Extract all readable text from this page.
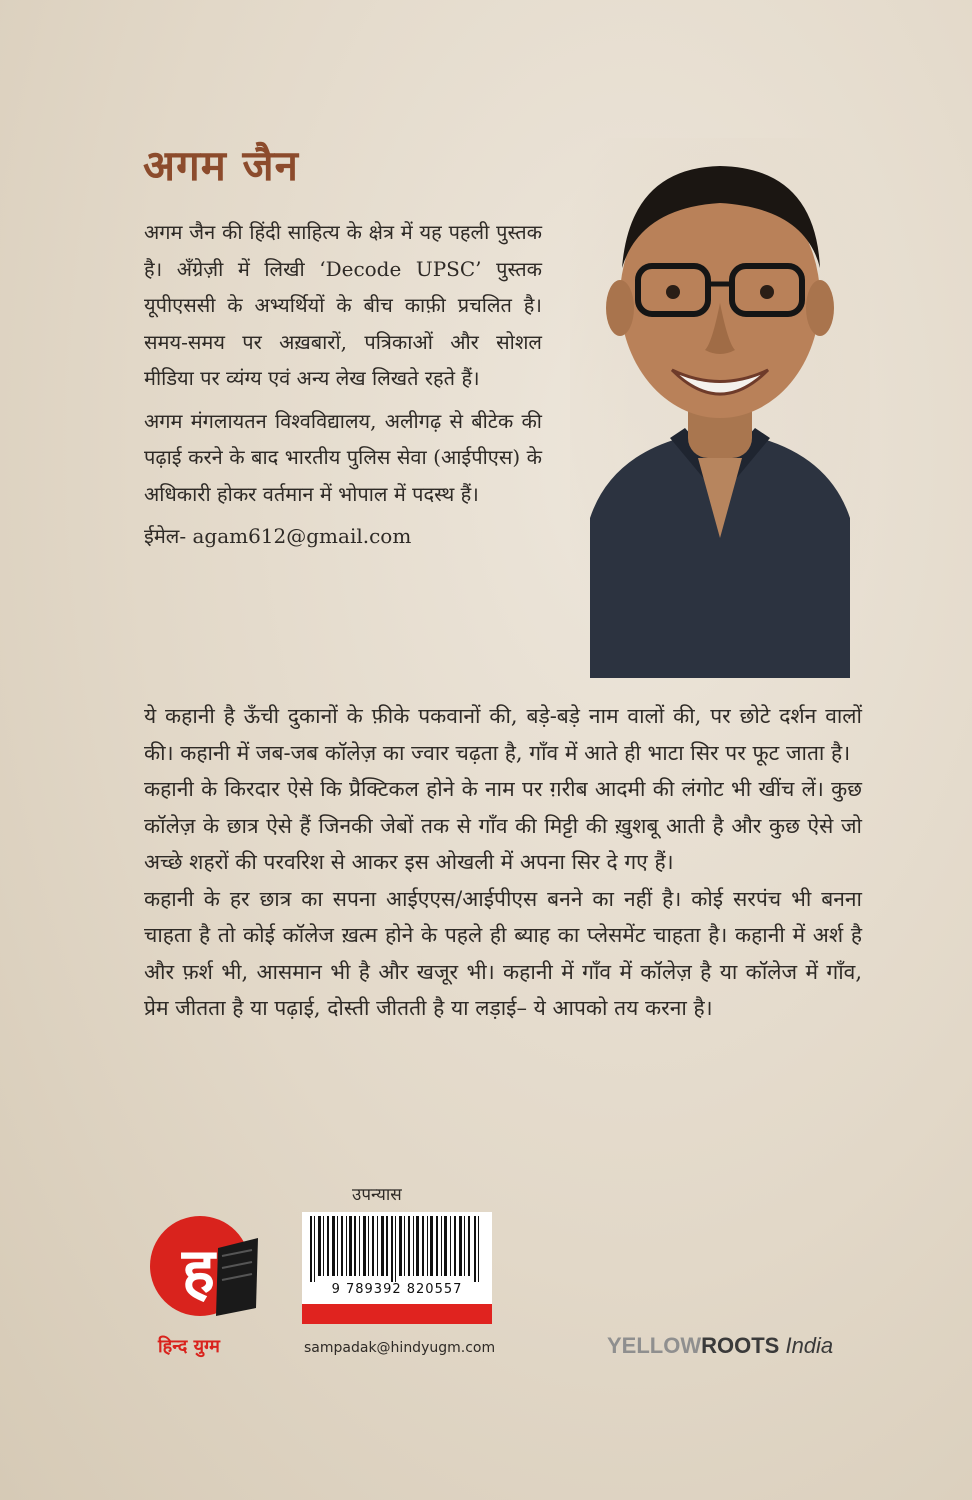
अगम जैन

अगम जैन की हिंदी साहित्य के क्षेत्र में यह पहली पुस्तक है। अँग्रेज़ी में लिखी ‘Decode UPSC’ पुस्तक यूपीएससी के अभ्यर्थियों के बीच काफ़ी प्रचलित है। समय-समय पर अख़बारों, पत्रिकाओं और सोशल मीडिया पर व्यंग्य एवं अन्य लेख लिखते रहते हैं।

अगम मंगलायतन विश्वविद्यालय, अलीगढ़ से बीटेक की पढ़ाई करने के बाद भारतीय पुलिस सेवा (आईपीएस) के अधिकारी होकर वर्तमान में भोपाल में पदस्थ हैं।

ईमेल- agam612@gmail.com

ये कहानी है ऊँची दुकानों के फ़ीके पकवानों की, बड़े-बड़े नाम वालों की, पर छोटे दर्शन वालों की। कहानी में जब-जब कॉलेज़ का ज्वार चढ़ता है, गाँव में आते ही भाटा सिर पर फूट जाता है।

कहानी के किरदार ऐसे कि प्रैक्टिकल होने के नाम पर ग़रीब आदमी की लंगोट भी खींच लें। कुछ कॉलेज़ के छात्र ऐसे हैं जिनकी जेबों तक से गाँव की मिट्टी की ख़ुशबू आती है और कुछ ऐसे जो अच्छे शहरों की परवरिश से आकर इस ओखली में अपना सिर दे गए हैं।

कहानी के हर छात्र का सपना आईएएस/आईपीएस बनने का नहीं है। कोई सरपंच भी बनना चाहता है तो कोई कॉलेज ख़त्म होने के पहले ही ब्याह का प्लेसमेंट चाहता है। कहानी में अर्श है और फ़र्श भी, आसमान भी है और खजूर भी। कहानी में गाँव में कॉलेज़ है या कॉलेज में गाँव, प्रेम जीतता है या पढ़ाई, दोस्ती जीतती है या लड़ाई– ये आपको तय करना है।

उपन्यास
ह
हिन्द युग्म
9 789392 820557
sampadak@hindyugm.com	YELLOWROOTS India
